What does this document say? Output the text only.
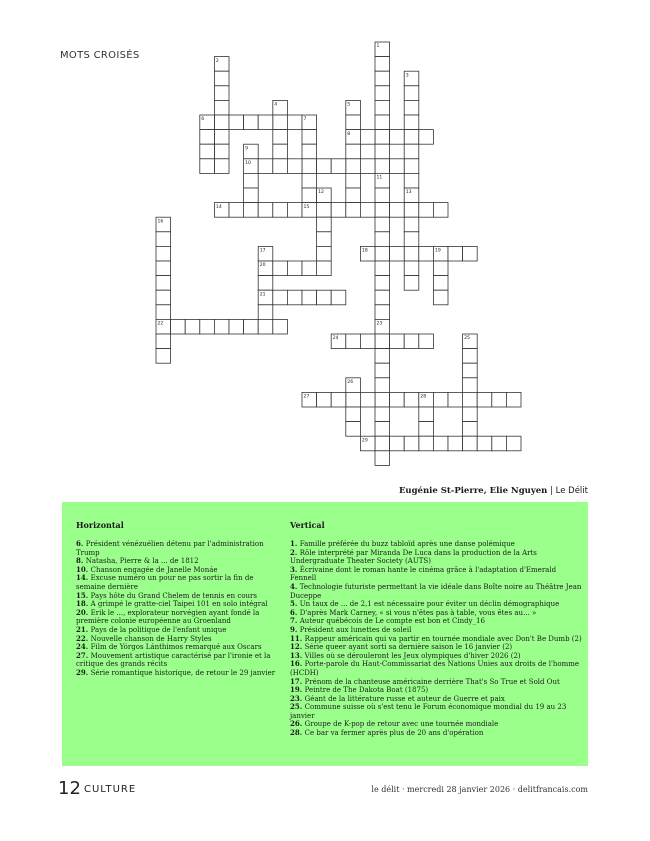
MOTS CROISÉS
1
2
3
4	5
6	7
8
9
10
11
12	13
14	15
16
17	18	19
20
21
22	23
24	25
26
27	28
29
Eugénie St-Pierre, Elie Nguyen | Le Délit
Horizontal

6. Président vénézuélien détenu par l'administration Trump

8. Natasha, Pierre & la ... de 1812

10. Chanson engagée de Janelle Monáe

14. Excuse numéro un pour ne pas sortir la fin de semaine dernière

15. Pays hôte du Grand Chelem de tennis en cours

18. A grimpé le gratte-ciel Taipei 101 en solo intégral

20. Erik le ..., explorateur norvégien ayant fondé la première colonie européenne au Groenland

21. Pays de la politique de l'enfant unique

22. Nouvelle chanson de Harry Styles

24. Film de Yórgos Lánthimos remarqué aux Oscars

27. Mouvement artistique caractérisé par l'ironie et la critique des grands récits

29. Série romantique historique, de retour le 29 janvier

Vertical

1. Famille préférée du buzz tabloïd après une danse polémique

2. Rôle interprété par Miranda De Luca dans la production de la Arts Undergraduate Theater Society (AUTS)

3. Écrivaine dont le roman hante le cinéma grâce à l'adaptation d'Emerald Fennell

4. Technologie futuriste permettant la vie idéale dans Boîte noire au Théâtre Jean Duceppe

5. Un taux de ... de 2,1 est nécessaire pour éviter un déclin démographique

6. D'après Mark Carney, « si vous n'êtes pas à table, vous êtes au... »

7. Auteur québécois de Le compte est bon et Cindy_16

9. Président aux lunettes de soleil

11. Rappeur américain qui va partir en tournée mondiale avec Don't Be Dumb (2)

12. Série queer ayant sorti sa dernière saison le 16 janvier (2)

13. Villes où se dérouleront les Jeux olympiques d'hiver 2026 (2)

16. Porte-parole du Haut-Commissariat des Nations Unies aux droits de l'homme (HCDH)

17. Prénom de la chanteuse américaine derrière That's So True et Sold Out

19. Peintre de The Dakota Boat (1875)

23. Géant de la littérature russe et auteur de Guerre et paix

25. Commune suisse où s'est tenu le Forum économique mondial du 19 au 23 janvier

26. Groupe de K-pop de retour avec une tournée mondiale

28. Ce bar va fermer après plus de 20 ans d'opération

12 CULTURE	le délit · mercredi 28 janvier 2026 · delitfrancais.com
